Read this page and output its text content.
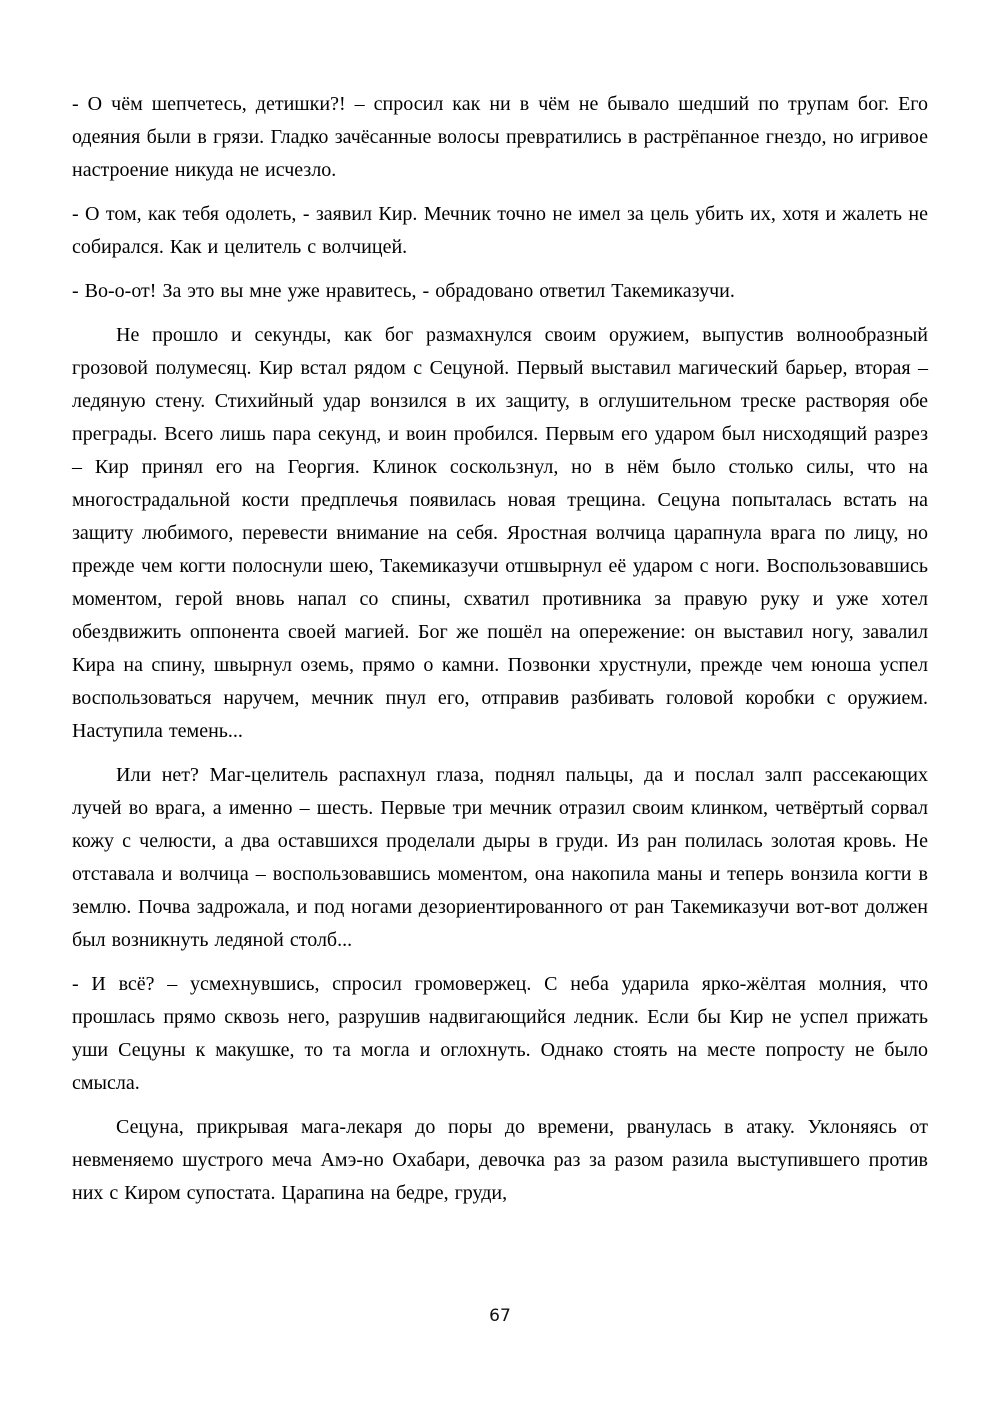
- О чём шепчетесь, детишки?! – спросил как ни в чём не бывало шедший по трупам бог. Его одеяния были в грязи. Гладко зачёсанные волосы превратились в растрёпанное гнездо, но игривое настроение никуда не исчезло.

- О том, как тебя одолеть, - заявил Кир. Мечник точно не имел за цель убить их, хотя и жалеть не собирался. Как и целитель с волчицей.

- Во-о-от! За это вы мне уже нравитесь, - обрадовано ответил Такемиказучи.

Не прошло и секунды, как бог размахнулся своим оружием, выпустив волнообразный грозовой полумесяц. Кир встал рядом с Сецуной. Первый выставил магический барьер, вторая – ледяную стену. Стихийный удар вонзился в их защиту, в оглушительном треске растворяя обе преграды. Всего лишь пара секунд, и воин пробился. Первым его ударом был нисходящий разрез – Кир принял его на Георгия. Клинок соскользнул, но в нём было столько силы, что на многострадальной кости предплечья появилась новая трещина. Сецуна попыталась встать на защиту любимого, перевести внимание на себя. Яростная волчица царапнула врага по лицу, но прежде чем когти полоснули шею, Такемиказучи отшвырнул её ударом с ноги. Воспользовавшись моментом, герой вновь напал со спины, схватил противника за правую руку и уже хотел обездвижить оппонента своей магией. Бог же пошёл на опережение: он выставил ногу, завалил Кира на спину, швырнул оземь, прямо о камни. Позвонки хрустнули, прежде чем юноша успел воспользоваться наручем, мечник пнул его, отправив разбивать головой коробки с оружием. Наступила темень...

Или нет? Маг-целитель распахнул глаза, поднял пальцы, да и послал залп рассекающих лучей во врага, а именно – шесть. Первые три мечник отразил своим клинком, четвёртый сорвал кожу с челюсти, а два оставшихся проделали дыры в груди. Из ран полилась золотая кровь. Не отставала и волчица – воспользовавшись моментом, она накопила маны и теперь вонзила когти в землю. Почва задрожала, и под ногами дезориентированного от ран Такемиказучи вот-вот должен был возникнуть ледяной столб...

- И всё? – усмехнувшись, спросил громовержец. С неба ударила ярко-жёлтая молния, что прошлась прямо сквозь него, разрушив надвигающийся ледник. Если бы Кир не успел прижать уши Сецуны к макушке, то та могла и оглохнуть. Однако стоять на месте попросту не было смысла.

Сецуна, прикрывая мага-лекаря до поры до времени, рванулась в атаку. Уклоняясь от невменяемо шустрого меча Амэ-но Охабари, девочка раз за разом разила выступившего против них с Киром супостата. Царапина на бедре, груди,

67
